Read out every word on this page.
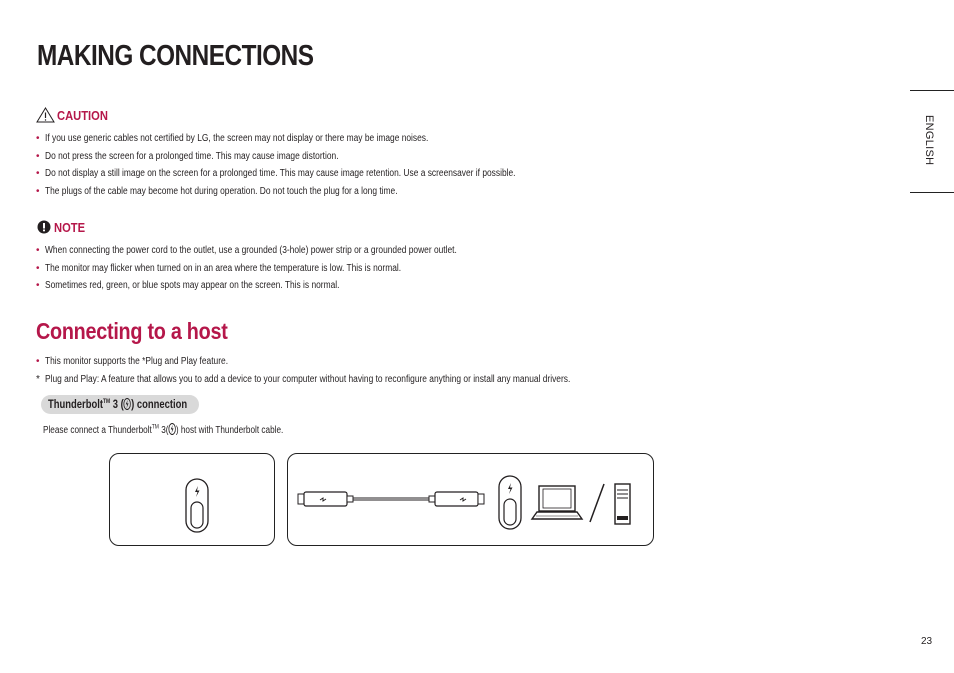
MAKING CONNECTIONS
ENGLISH
CAUTION
• If you use generic cables not certified by LG, the screen may not display or there may be image noises.
• Do not press the screen for a prolonged time. This may cause image distortion.
• Do not display a still image on the screen for a prolonged time. This may cause image retention. Use a screensaver if possible.
• The plugs of the cable may become hot during operation. Do not touch the plug for a long time.
NOTE
• When connecting the power cord to the outlet, use a grounded (3-hole) power strip or a grounded power outlet.
• The monitor may flicker when turned on in an area where the temperature is low. This is normal.
• Sometimes red, green, or blue spots may appear on the screen. This is normal.
Connecting to a host
• This monitor supports the *Plug and Play feature.
* Plug and Play: A feature that allows you to add a device to your computer without having to reconfigure anything or install any manual drivers.
Thunderbolt™ 3 ( ) connection
Please connect a Thunderbolt™ 3( ) host with Thunderbolt cable.
23
